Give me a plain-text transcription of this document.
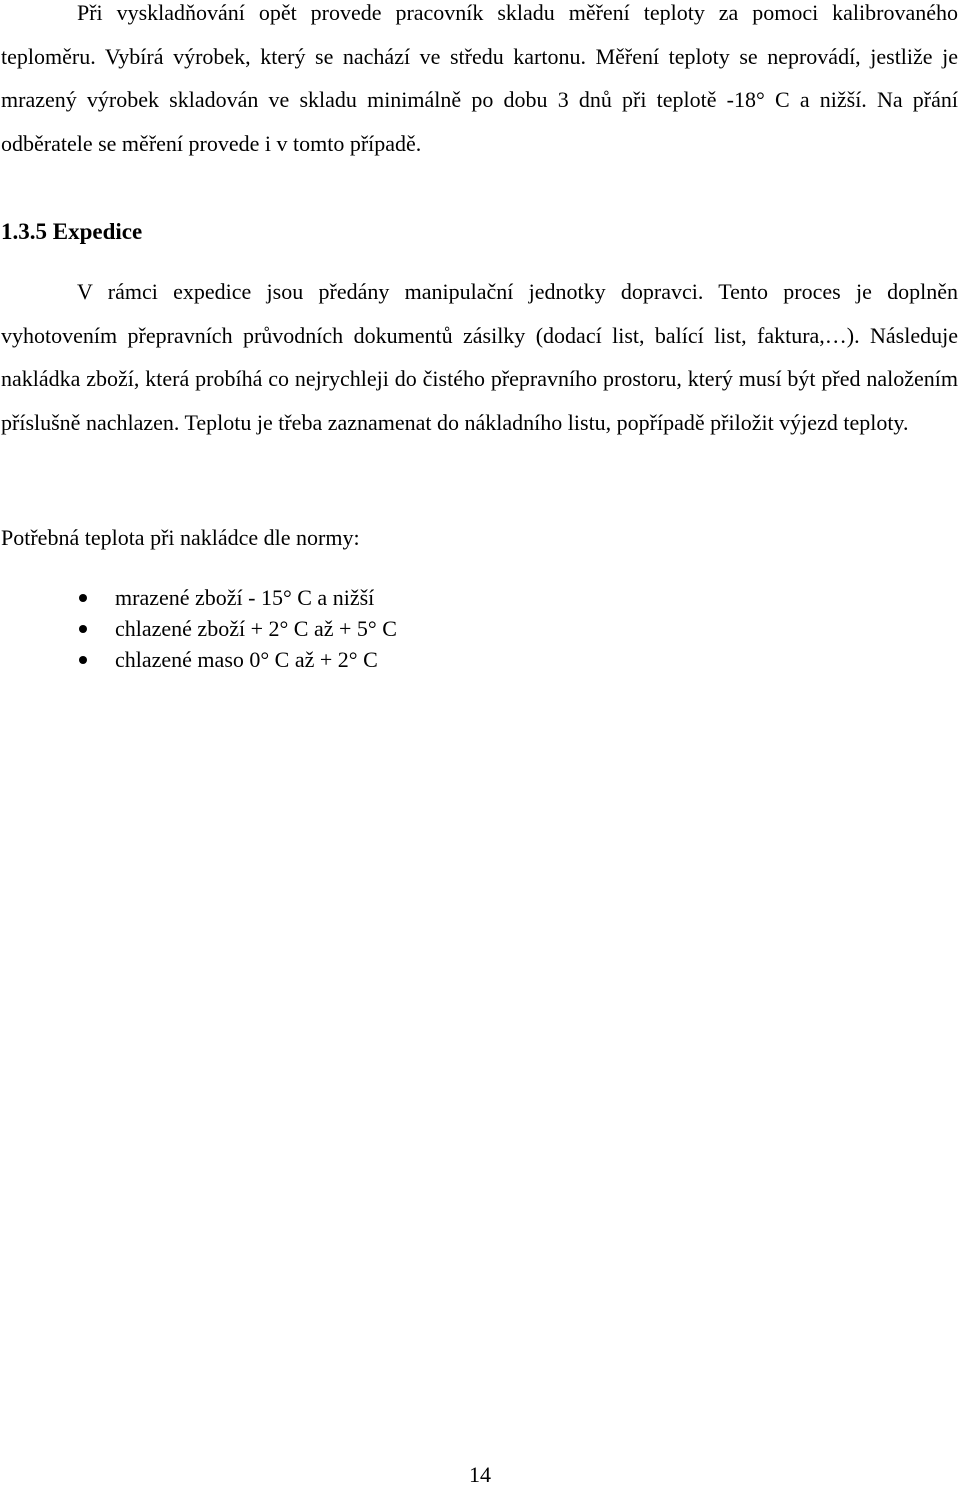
Při vyskladňování opět provede pracovník skladu měření teploty za pomoci kalibrovaného teploměru. Vybírá výrobek, který se nachází ve středu kartonu. Měření teploty se neprovádí, jestliže je mrazený výrobek skladován ve skladu minimálně po dobu 3 dnů při teplotě -18° C a nižší. Na přání odběratele se měření provede i v tomto případě.

1.3.5 Expedice

V rámci expedice jsou předány manipulační jednotky dopravci. Tento proces je doplněn vyhotovením přepravních průvodních dokumentů zásilky (dodací list, balící list, faktura,…). Následuje nakládka zboží, která probíhá co nejrychleji do čistého přepravního prostoru, který musí být před naložením příslušně nachlazen. Teplotu je třeba zaznamenat do nákladního listu, popřípadě přiložit výjezd teploty.

Potřebná teplota při nakládce dle normy:

mrazené zboží - 15° C a nižší
chlazené zboží + 2° C až + 5° C
chlazené maso 0° C až + 2° C

14
